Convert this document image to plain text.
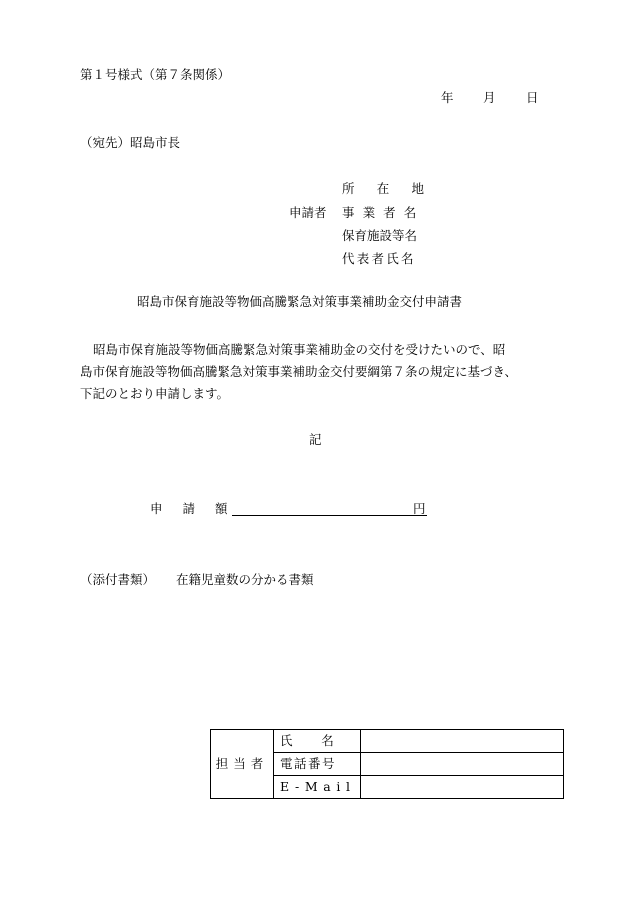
第１号様式（第７条関係）
年 月 日
（宛先）昭島市長
申請者
所　在　地
事業者名
保育施設等名
代表者氏名
昭島市保育施設等物価高騰緊急対策事業補助金交付申請書
昭島市保育施設等物価高騰緊急対策事業補助金の交付を受けたいので、昭
島市保育施設等物価高騰緊急対策事業補助金交付要綱第７条の規定に基づき、
下記のとおり申請します。
記
申　請　額	円
（添付書類） 在籍児童数の分かる書類
担当者	氏　　名	
	電話番号	
	E-Mail	
